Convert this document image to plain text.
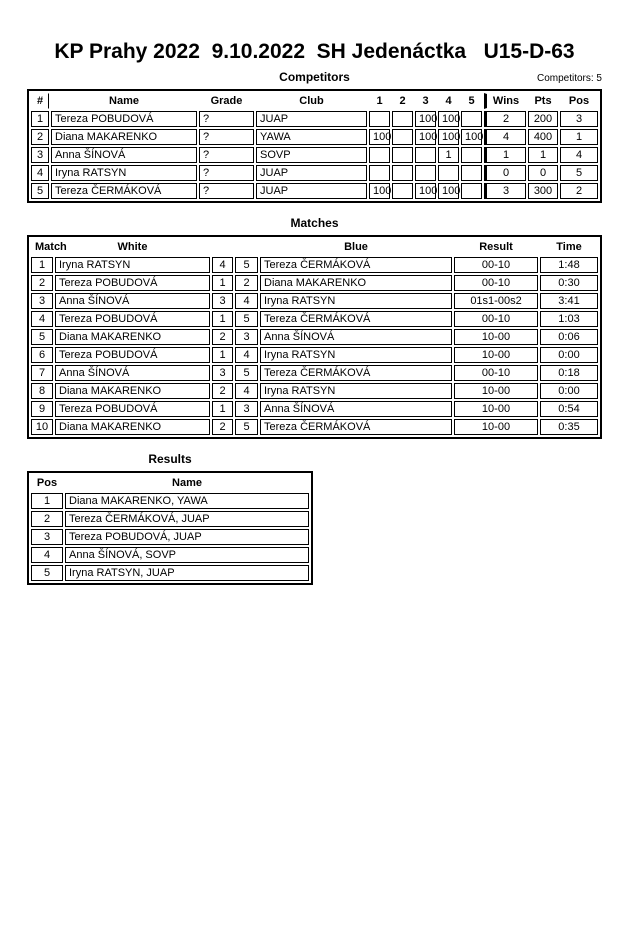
KP Prahy 2022  9.10.2022  SH Jedenáctka   U15-D-63
Competitors	Competitors: 5
#	Name	Grade	Club	1	2	3	4	5	Wins	Pts	Pos
1	Tereza POBUDOVÁ	?	JUAP			100	100		2	200	3
2	Diana MAKARENKO	?	YAWA	100		100	100	100	4	400	1
3	Anna ŠÍNOVÁ	?	SOVP				1		1	1	4
4	Iryna RATSYN	?	JUAP						0	0	5
5	Tereza ČERMÁKOVÁ	?	JUAP	100		100	100		3	300	2
Matches
Match	White			Blue	Result	Time
1	Iryna RATSYN	4	5	Tereza ČERMÁKOVÁ	00-10	1:48
2	Tereza POBUDOVÁ	1	2	Diana MAKARENKO	00-10	0:30
3	Anna ŠÍNOVÁ	3	4	Iryna RATSYN	01s1-00s2	3:41
4	Tereza POBUDOVÁ	1	5	Tereza ČERMÁKOVÁ	00-10	1:03
5	Diana MAKARENKO	2	3	Anna ŠÍNOVÁ	10-00	0:06
6	Tereza POBUDOVÁ	1	4	Iryna RATSYN	10-00	0:00
7	Anna ŠÍNOVÁ	3	5	Tereza ČERMÁKOVÁ	00-10	0:18
8	Diana MAKARENKO	2	4	Iryna RATSYN	10-00	0:00
9	Tereza POBUDOVÁ	1	3	Anna ŠÍNOVÁ	10-00	0:54
10	Diana MAKARENKO	2	5	Tereza ČERMÁKOVÁ	10-00	0:35
Results
Pos	Name
1	Diana MAKARENKO, YAWA
2	Tereza ČERMÁKOVÁ, JUAP
3	Tereza POBUDOVÁ, JUAP
4	Anna ŠÍNOVÁ, SOVP
5	Iryna RATSYN, JUAP
